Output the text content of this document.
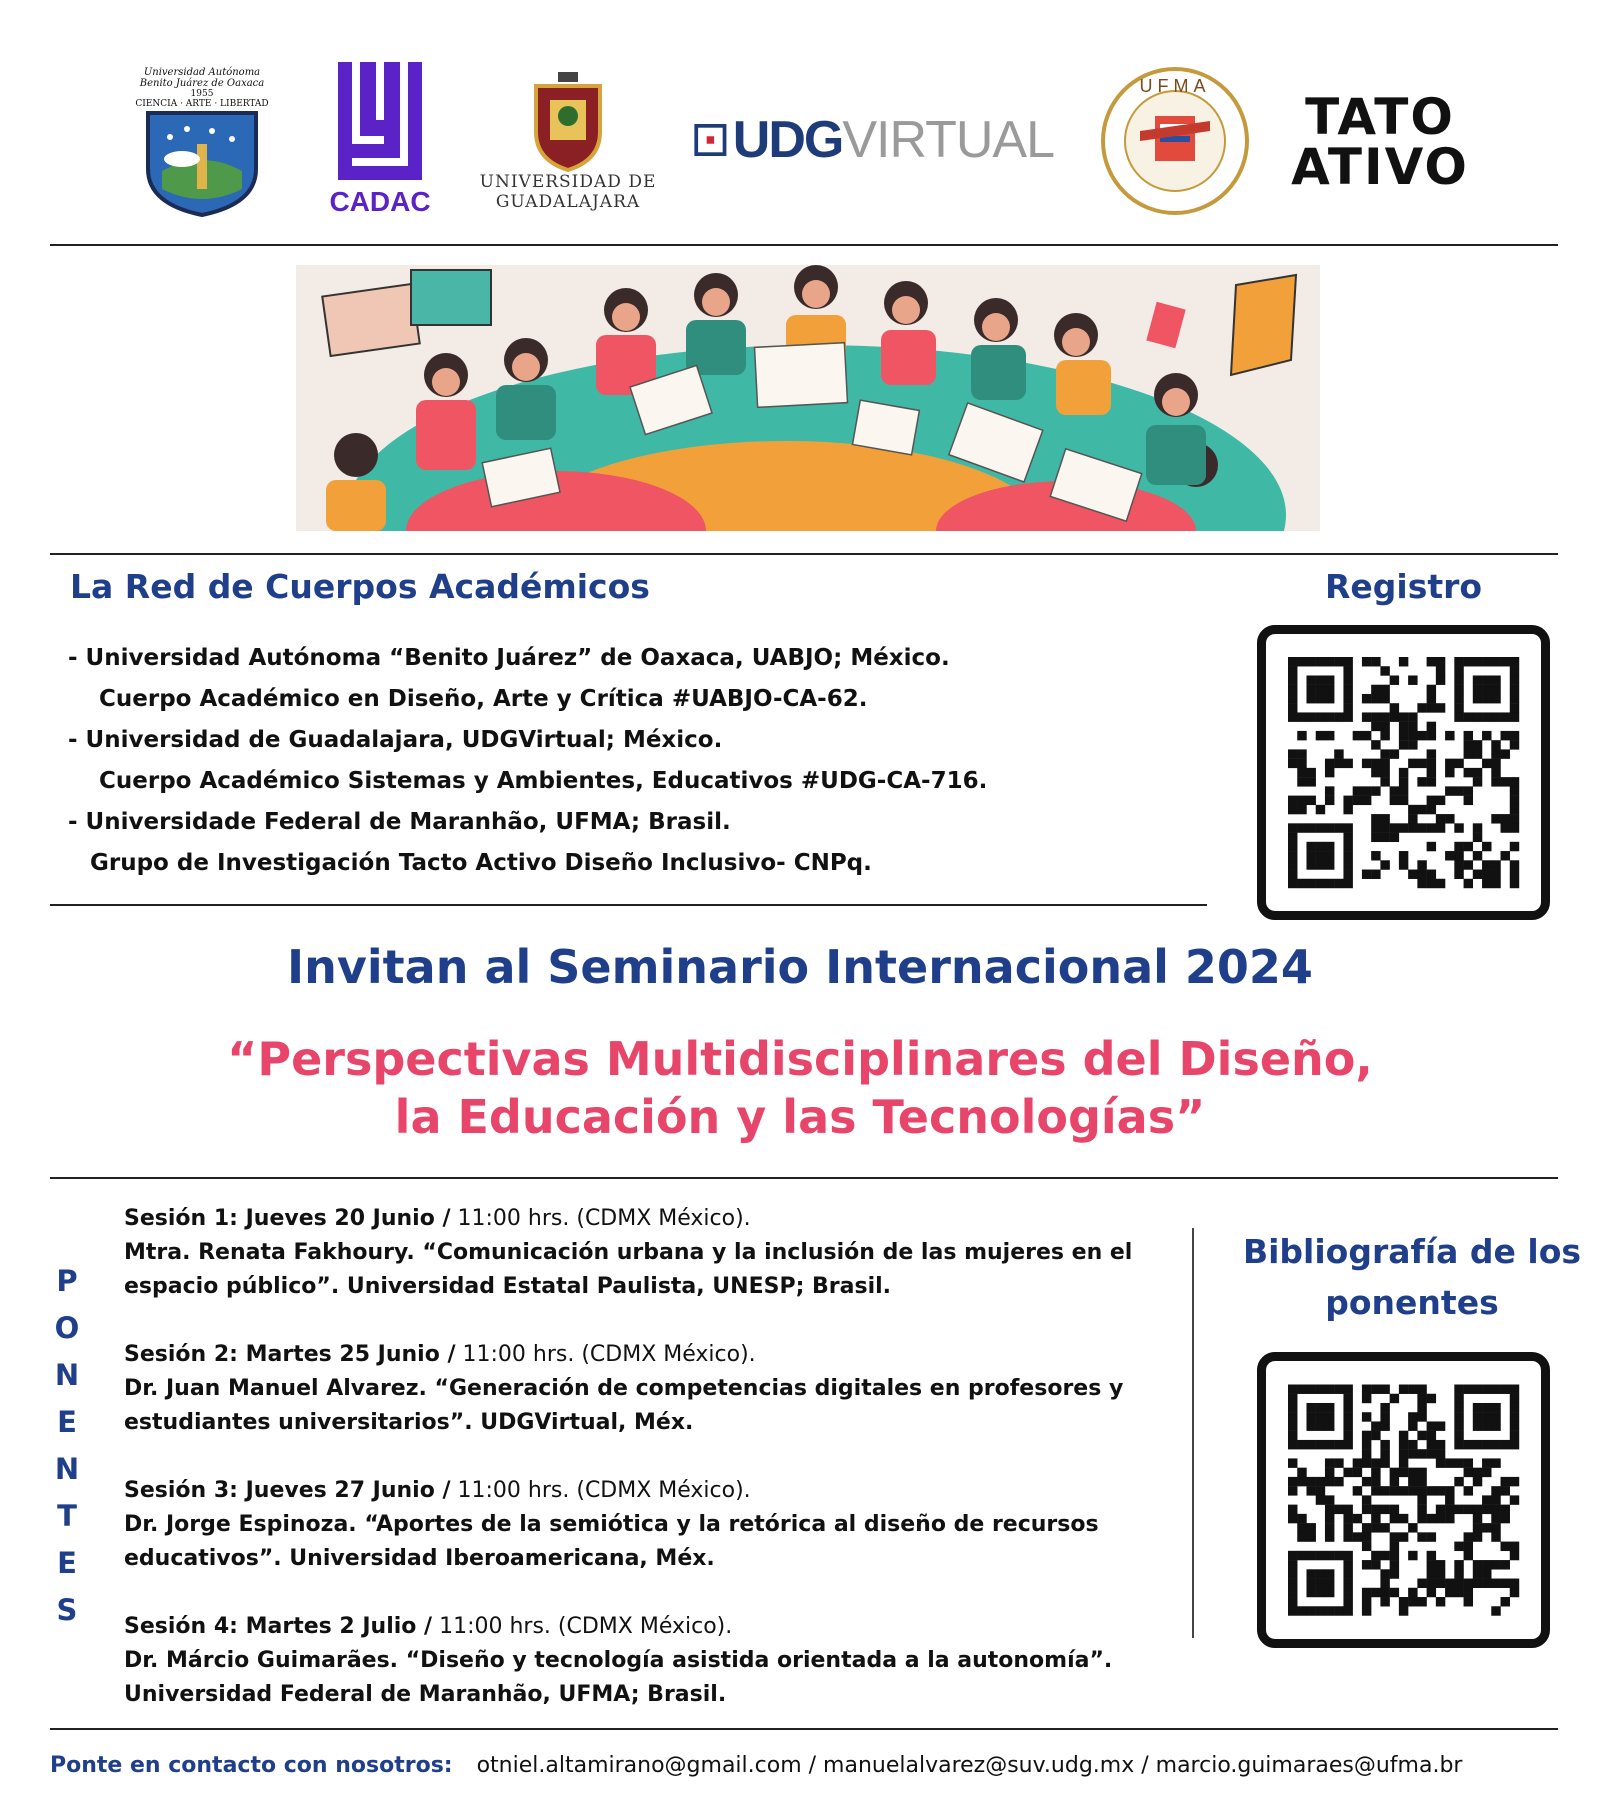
Universidad Autónoma Benito Juárez de Oaxaca
1955
CIENCIA · ARTE · LIBERTAD
CADAC
UNIVERSIDAD DE
GUADALAJARA
UDG VIRTUAL
UFMA
TATO
ATIVO
La Red de Cuerpos Académicos	Registro
- Universidad Autónoma “Benito Juárez” de Oaxaca, UABJO; México.
Cuerpo Académico en Diseño, Arte y Crítica #UABJO-CA-62.
- Universidad de Guadalajara, UDGVirtual; México.
Cuerpo Académico Sistemas y Ambientes, Educativos #UDG-CA-716.
- Universidade Federal de Maranhão, UFMA; Brasil.
Grupo de Investigación Tacto Activo Diseño Inclusivo- CNPq.
Invitan al Seminario Internacional 2024
“Perspectivas Multidisciplinares del Diseño,
la Educación y las Tecnologías”
P
O
N
E
N
T
E
S
Sesión 1: Jueves 20 Junio / 11:00 hrs. (CDMX México).
Mtra. Renata Fakhoury. “Comunicación urbana y la inclusión de las mujeres en el
espacio público”. Universidad Estatal Paulista, UNESP; Brasil.
Sesión 2: Martes 25 Junio / 11:00 hrs. (CDMX México).
Dr. Juan Manuel Alvarez. “Generación de competencias digitales en profesores y
estudiantes universitarios”. UDGVirtual, Méx.
Sesión 3: Jueves 27 Junio / 11:00 hrs. (CDMX México).
Dr. Jorge Espinoza. “Aportes de la semiótica y la retórica al diseño de recursos
educativos”. Universidad Iberoamericana, Méx.
Sesión 4: Martes 2 Julio / 11:00 hrs. (CDMX México).
Dr. Márcio Guimarães. “Diseño y tecnología asistida orientada a la autonomía”.
Universidad Federal de Maranhão, UFMA; Brasil.
Bibliografía de los
ponentes
Ponte en contacto con nosotros: otniel.altamirano@gmail.com / manuelalvarez@suv.udg.mx / marcio.guimaraes@ufma.br
